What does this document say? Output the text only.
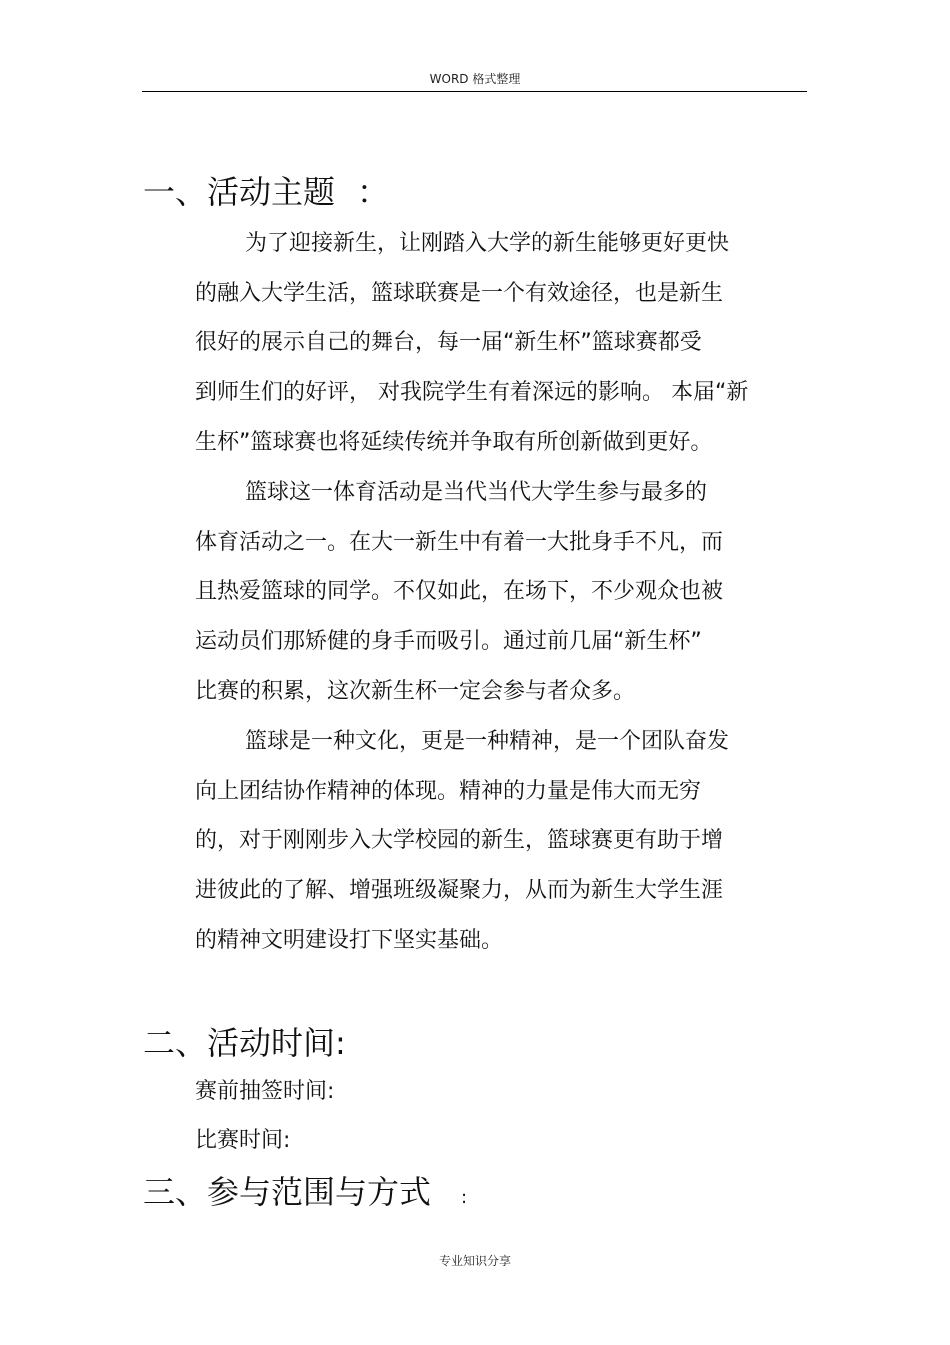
WORD 格式整理
一、活动主题 ：
为了迎接新生，让刚踏入大学的新生能够更好更快
的融入大学生活，篮球联赛是一个有效途径，也是新生
很好的展示自己的舞台，每一届“新生杯”篮球赛都受
到师生们的好评， 对我院学生有着深远的影响。 本届“新
生杯”篮球赛也将延续传统并争取有所创新做到更好。
篮球这一体育活动是当代当代大学生参与最多的
体育活动之一。在大一新生中有着一大批身手不凡，而
且热爱篮球的同学。不仅如此，在场下，不少观众也被
运动员们那矫健的身手而吸引。通过前几届“新生杯”
比赛的积累，这次新生杯一定会参与者众多。
篮球是一种文化，更是一种精神，是一个团队奋发
向上团结协作精神的体现。精神的力量是伟大而无穷
的，对于刚刚步入大学校园的新生，篮球赛更有助于增
进彼此的了解、增强班级凝聚力，从而为新生大学生涯
的精神文明建设打下坚实基础。
二、活动时间:
赛前抽签时间:
比赛时间:
三、参与范围与方式 :
专业知识分享
